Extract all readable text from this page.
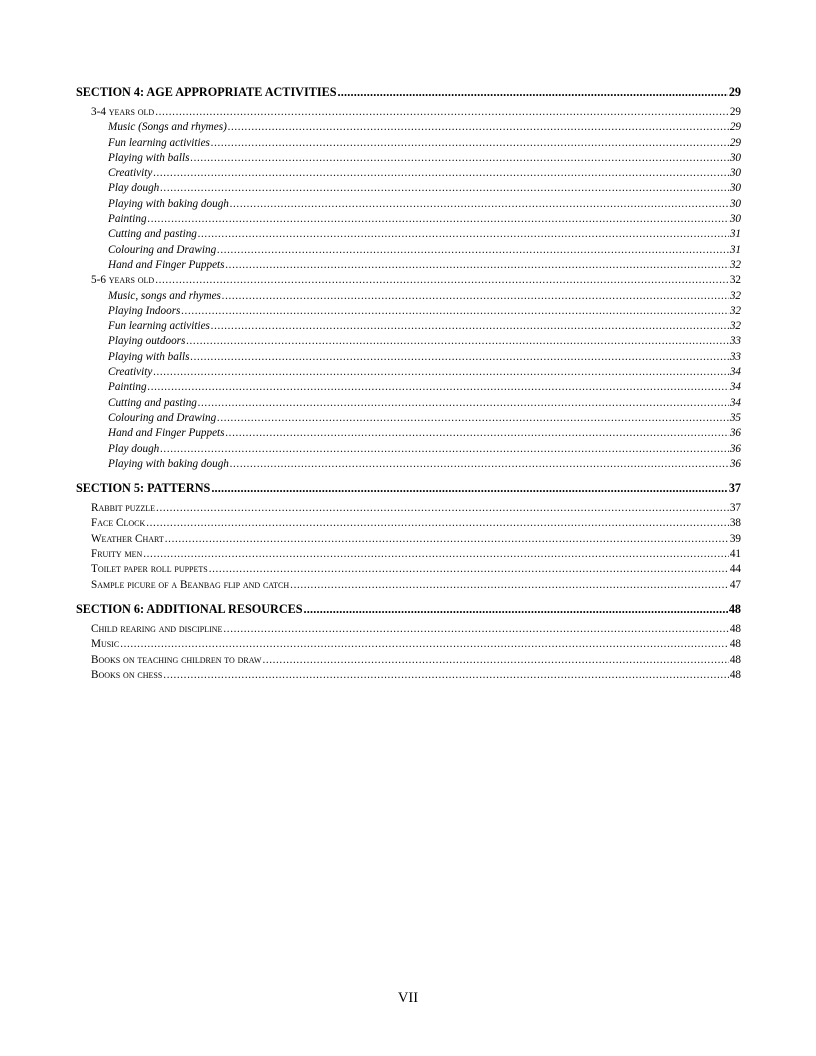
SECTION 4: AGE APPROPRIATE ACTIVITIES .....	29
3-4 years old .....	29
Music (Songs and rhymes) .....	29
Fun learning activities .....	29
Playing with balls .....	30
Creativity .....	30
Play dough .....	30
Playing with baking dough .....	30
Painting .....	30
Cutting and pasting .....	31
Colouring and Drawing .....	31
Hand and Finger Puppets .....	32
5-6 years old .....	32
Music, songs and rhymes .....	32
Playing Indoors .....	32
Fun learning activities .....	32
Playing outdoors .....	33
Playing with balls .....	33
Creativity .....	34
Painting .....	34
Cutting and pasting .....	34
Colouring and Drawing .....	35
Hand and Finger Puppets .....	36
Play dough .....	36
Playing with baking dough .....	36
SECTION 5: PATTERNS .....	37
Rabbit puzzle .....	37
Face Clock .....	38
Weather Chart .....	39
Fruity men .....	41
Toilet paper roll puppets .....	44
Sample picure of a Beanbag flip and catch .....	47
SECTION 6: ADDITIONAL RESOURCES .....	48
Child rearing and discipline .....	48
Music .....	48
Books on teaching children to draw .....	48
Books on chess .....	48
VII
